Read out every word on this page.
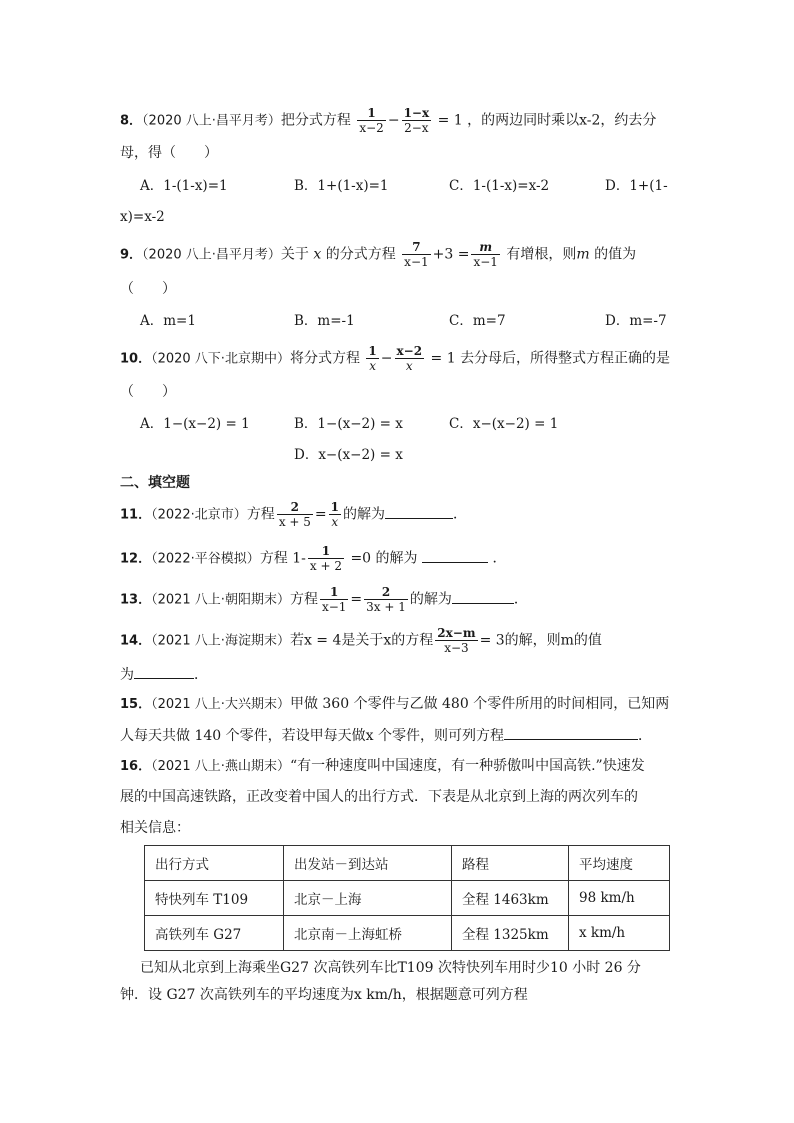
8．（2020 八上·昌平月考）把分式方程 $\frac{1}{x-2} - \frac{1-x}{2-x} = 1$ ，的两边同时乘以x-2，约去分
母，得（　　）
A．1-(1-x)=1	B．1+(1-x)=1	C．1-(1-x)=x-2	D．1+(1-
x)=x-2
9．（2020 八上·昌平月考）关于 x 的分式方程 $\frac{7}{x-1} +3 = \frac{m}{x-1}$ 有增根，则m 的值为
（　　）
A．m=1	B．m=-1	C．m=7	D．m=-7
10．（2020 八下·北京期中）将分式方程 $\frac{1}{x} - \frac{x-2}{x} = 1$ 去分母后，所得整式方程正确的是
（　　）
A．1−(x−2) = 1	B．1−(x−2) = x	C．x−(x−2) = 1
D．x−(x−2) = x
二、填空题
11．（2022·北京市）方程 $\frac{2}{x + 5} = \frac{1}{x}$ 的解为	．
12．（2022·平谷模拟）方程 $1- \frac{1}{x + 2} =0$ 的解为	．
13．（2021 八上·朝阳期末）方程 $\frac{1}{x-1} = \frac{2}{3x + 1}$ 的解为	．
14．（2021 八上·海淀期末）若x = 4是关于x的方程 $\frac{2x-m}{x-3} = 3$的解，则m的值
为	．
15．（2021 八上·大兴期末）甲做 360 个零件与乙做 480 个零件所用的时间相同，已知两
人每天共做 140 个零件，若设甲每天做x 个零件，则可列方程	．
16．（2021 八上·燕山期末）“有一种速度叫中国速度，有一种骄傲叫中国高铁.”快速发
展的中国高速铁路，正改变着中国人的出行方式．下表是从北京到上海的两次列车的
相关信息：
出行方式	出发站－到达站	路程	平均速度
特快列车 T109	北京－上海	全程 1463km	98 km/h
高铁列车 G27	北京南－上海虹桥	全程 1325km	x km/h
已知从北京到上海乘坐G27 次高铁列车比T109 次特快列车用时少10 小时 26 分
钟．设 G27 次高铁列车的平均速度为x km/h，根据题意可列方程
